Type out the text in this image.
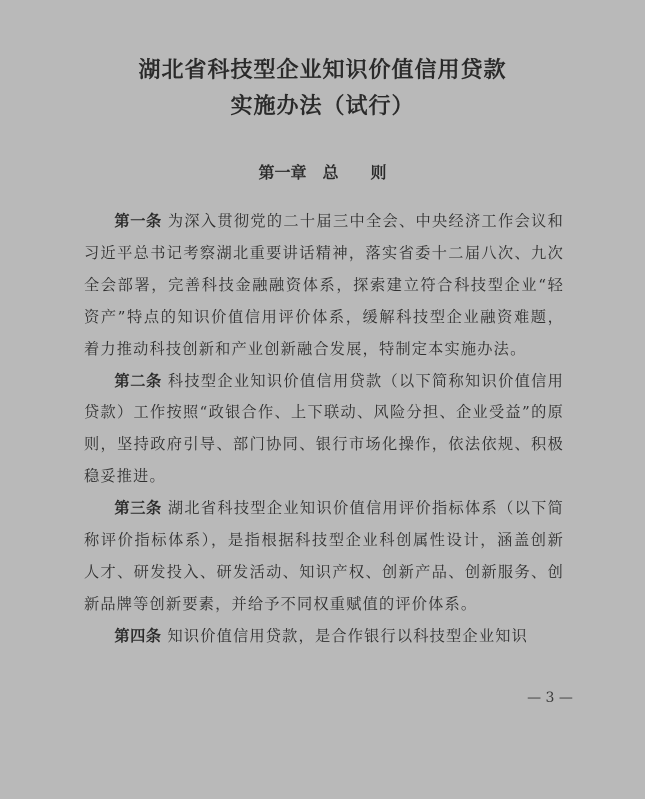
湖北省科技型企业知识价值信用贷款
实施办法（试行）
第一章　总　　则

第一条 为深入贯彻党的二十届三中全会、中央经济工作会议和习近平总书记考察湖北重要讲话精神，落实省委十二届八次、九次全会部署，完善科技金融融资体系，探索建立符合科技型企业“轻资产”特点的知识价值信用评价体系，缓解科技型企业融资难题，着力推动科技创新和产业创新融合发展，特制定本实施办法。

第二条 科技型企业知识价值信用贷款（以下简称知识价值信用贷款）工作按照“政银合作、上下联动、风险分担、企业受益”的原则，坚持政府引导、部门协同、银行市场化操作，依法依规、积极稳妥推进。

第三条 湖北省科技型企业知识价值信用评价指标体系（以下简称评价指标体系），是指根据科技型企业科创属性设计，涵盖创新人才、研发投入、研发活动、知识产权、创新产品、创新服务、创新品牌等创新要素，并给予不同权重赋值的评价体系。

第四条 知识价值信用贷款，是合作银行以科技型企业知识

— 3 —
